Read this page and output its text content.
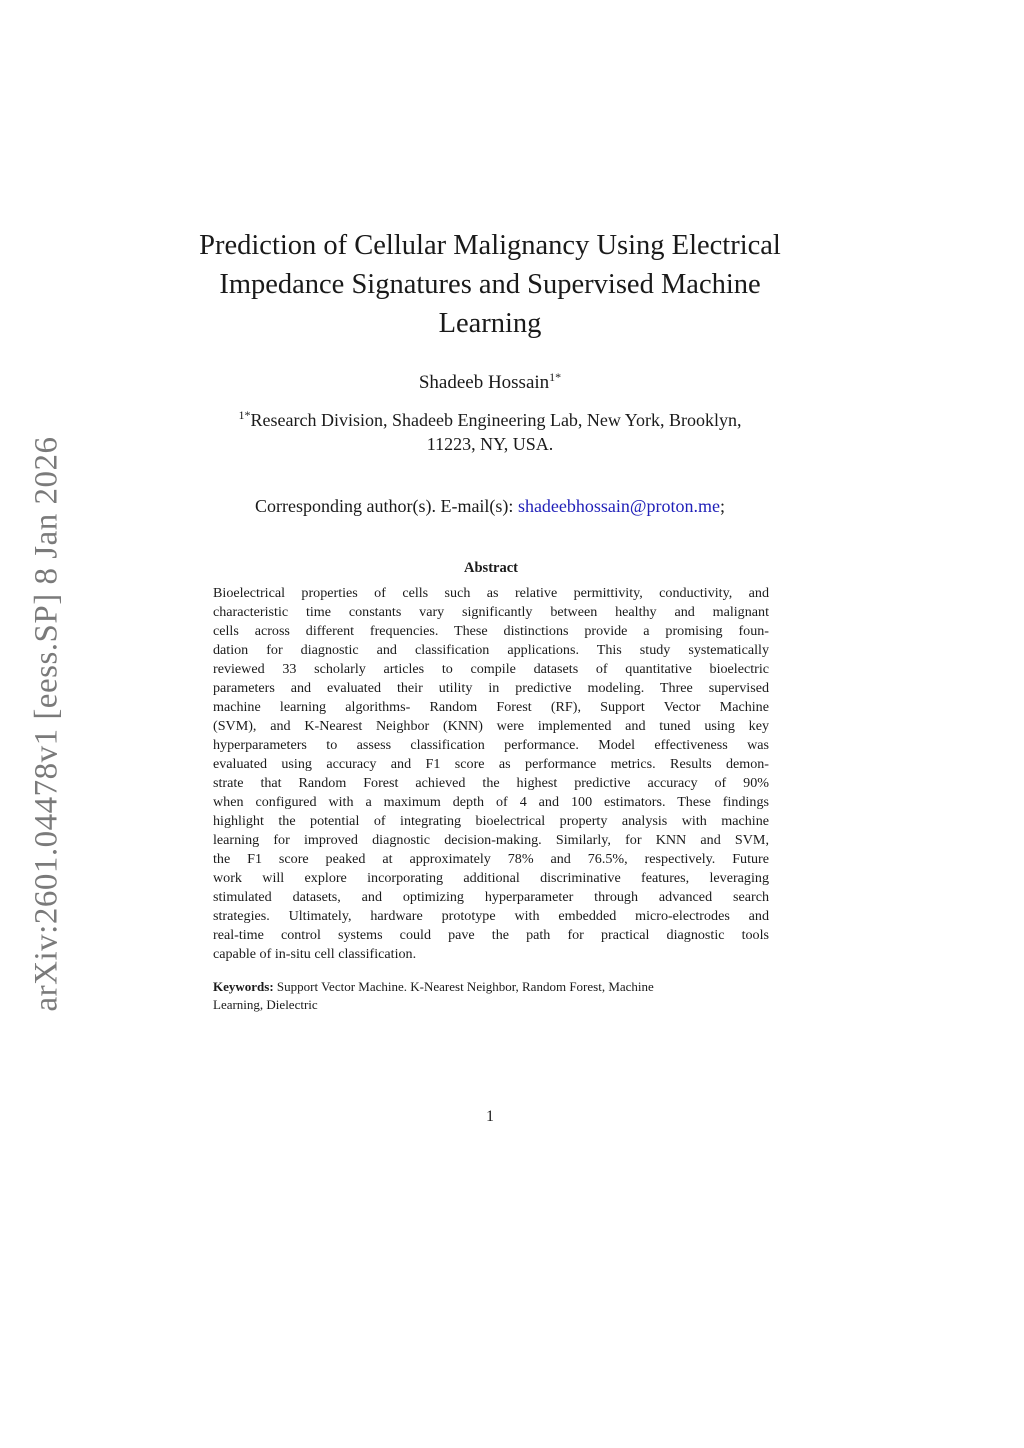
arXiv:2601.04478v1 [eess.SP] 8 Jan 2026
Prediction of Cellular Malignancy Using Electrical
Impedance Signatures and Supervised Machine
Learning
Shadeeb Hossain$^{1*}$
$^{1*}$Research Division, Shadeeb Engineering Lab, New York, Brooklyn,
11223, NY, USA.
Corresponding author(s). E-mail(s): shadeebhossain@proton.me;
Abstract
Bioelectrical properties of cells such as relative permittivity, conductivity, and
characteristic time constants vary significantly between healthy and malignant
cells across different frequencies. These distinctions provide a promising foun-
dation for diagnostic and classification applications. This study systematically
reviewed 33 scholarly articles to compile datasets of quantitative bioelectric
parameters and evaluated their utility in predictive modeling. Three supervised
machine learning algorithms- Random Forest (RF), Support Vector Machine
(SVM), and K-Nearest Neighbor (KNN) were implemented and tuned using key
hyperparameters to assess classification performance. Model effectiveness was
evaluated using accuracy and F1 score as performance metrics. Results demon-
strate that Random Forest achieved the highest predictive accuracy of 90%
when configured with a maximum depth of 4 and 100 estimators. These findings
highlight the potential of integrating bioelectrical property analysis with machine
learning for improved diagnostic decision-making. Similarly, for KNN and SVM,
the F1 score peaked at approximately 78% and 76.5%, respectively. Future
work will explore incorporating additional discriminative features, leveraging
stimulated datasets, and optimizing hyperparameter through advanced search
strategies. Ultimately, hardware prototype with embedded micro-electrodes and
real-time control systems could pave the path for practical diagnostic tools
capable of in-situ cell classification.
Keywords: Support Vector Machine. K-Nearest Neighbor, Random Forest, Machine
Learning, Dielectric
1
